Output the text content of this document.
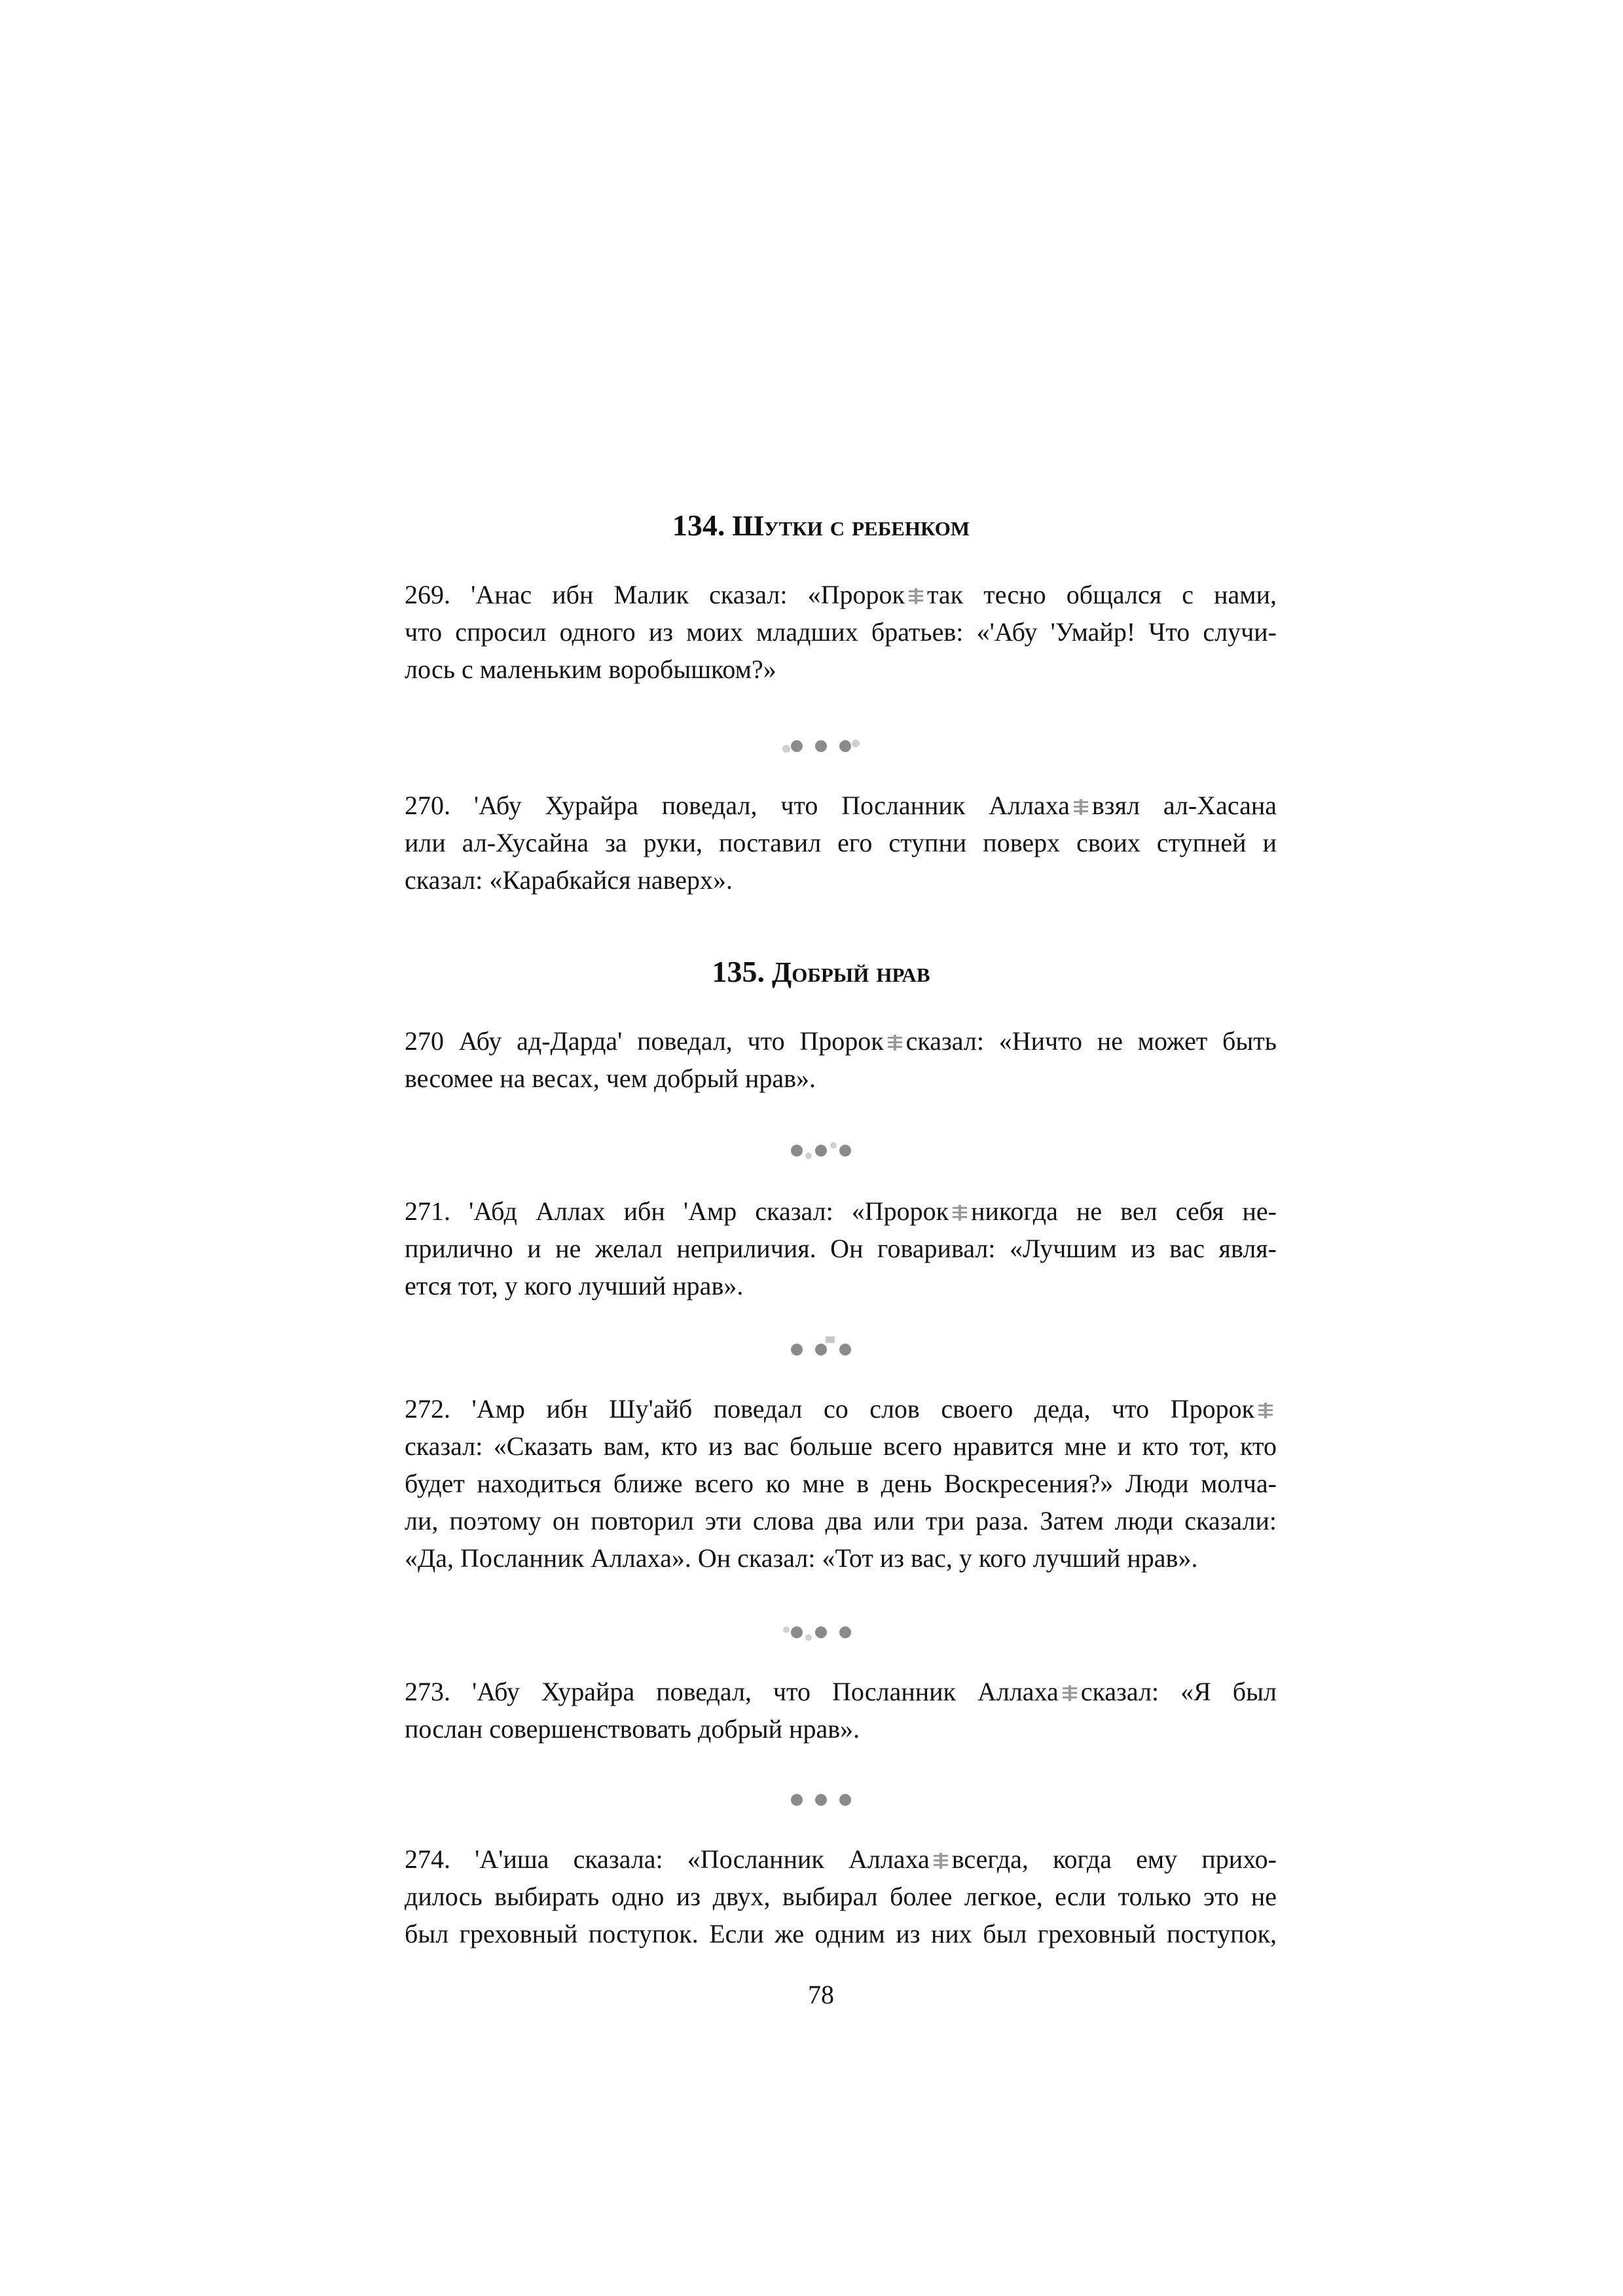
134. Шутки с ребенком
269. 'Анас ибн Малик сказал: «Пророк так тесно общался с нами,
что спросил одного из моих младших братьев: «'Абу 'Умайр! Что случи-
лось с маленьким воробышком?»
270. 'Абу Хурайра поведал, что Посланник Аллаха взял ал-Хасана
или ал-Хусайна за руки, поставил его ступни поверх своих ступней и
сказал: «Карабкайся наверх».
135. Добрый нрав
270 Абу ад-Дарда' поведал, что Пророк сказал: «Ничто не может быть
весомее на весах, чем добрый нрав».
271. 'Абд Аллах ибн 'Амр сказал: «Пророк никогда не вел себя не-
прилично и не желал неприличия. Он говаривал: «Лучшим из вас явля-
ется тот, у кого лучший нрав».
272. 'Амр ибн Шу'айб поведал со слов своего деда, что Пророк
сказал: «Сказать вам, кто из вас больше всего нравится мне и кто тот, кто
будет находиться ближе всего ко мне в день Воскресения?» Люди молча-
ли, поэтому он повторил эти слова два или три раза. Затем люди сказали:
«Да, Посланник Аллаха». Он сказал: «Тот из вас, у кого лучший нрав».
273. 'Абу Хурайра поведал, что Посланник Аллаха сказал: «Я был
послан совершенствовать добрый нрав».
274. 'А'иша сказала: «Посланник Аллаха всегда, когда ему прихо-
дилось выбирать одно из двух, выбирал более легкое, если только это не
был греховный поступок. Если же одним из них был греховный поступок,
78
